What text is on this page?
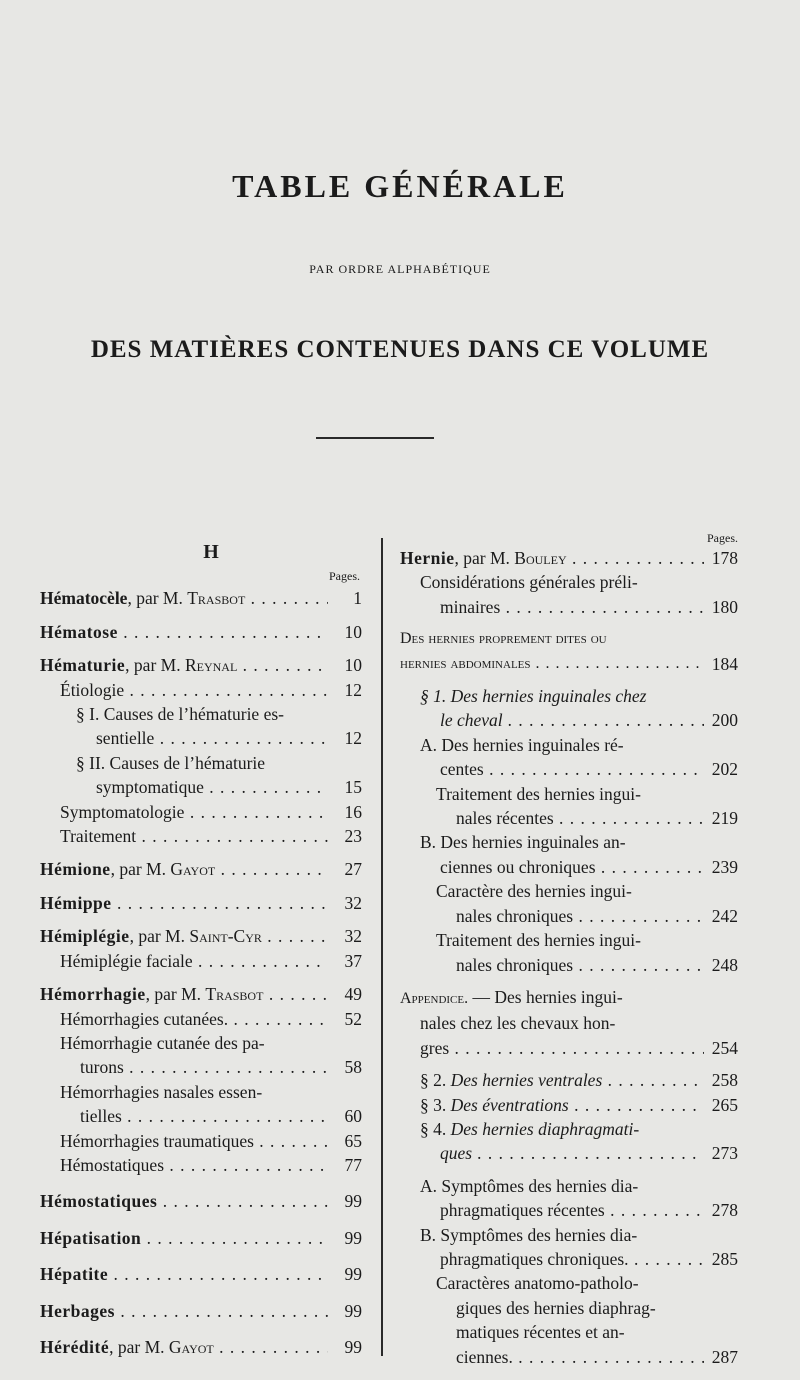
TABLE GÉNÉRALE
PAR ORDRE ALPHABÉTIQUE
DES MATIÈRES CONTENUES DANS CE VOLUME
H
Pages.
Hématocèle, par M. Trasbot . . .	1
Hématose . . .	10
Hématurie, par M. Reynal . . .	10
Étiologie . . .	12
§ I. Causes de l’hématurie es-
sentielle . . .	12
§ II. Causes de l’hématurie
symptomatique . . .	15
Symptomatologie . . .	16
Traitement . . .	23
Hémione, par M. Gayot . . .	27
Hémippe . . .	32
Hémiplégie, par M. Saint-Cyr . . .	32
Hémiplégie faciale . . .	37
Hémorrhagie, par M. Trasbot . . .	49
Hémorrhagies cutanées. . . .	52
Hémorrhagie cutanée des pa-
turons . . .	58
Hémorrhagies nasales essen-
tielles . . .	60
Hémorrhagies traumatiques . . .	65
Hémostatiques . . .	77
Hémostatiques . . .	99
Hépatisation . . .	99
Hépatite . . .	99
Herbages . . .	99
Hérédité, par M. Gayot . . .	99
Pages.
Hernie, par M. Bouley . . .	178
Considérations générales préli-
minaires . . .	180
Des hernies proprement dites ou
hernies abdominales . . .	184
§ 1. Des hernies inguinales chez
le cheval . . .	200
A. Des hernies inguinales ré-
centes . . .	202
Traitement des hernies ingui-
nales récentes . . .	219
B. Des hernies inguinales an-
ciennes ou chroniques . . .	239
Caractère des hernies ingui-
nales chroniques . . .	242
Traitement des hernies ingui-
nales chroniques . . .	248
Appendice. — Des hernies ingui-
nales chez les chevaux hon-
gres . . .	254
§ 2. Des hernies ventrales . . .	258
§ 3. Des éventrations . . .	265
§ 4. Des hernies diaphragmati-
ques . . .	273
A. Symptômes des hernies dia-
phragmatiques récentes . . .	278
B. Symptômes des hernies dia-
phragmatiques chroniques. . . .	285
Caractères anatomo-patholo-
giques des hernies diaphrag-
matiques récentes et an-
ciennes. . . .	287
